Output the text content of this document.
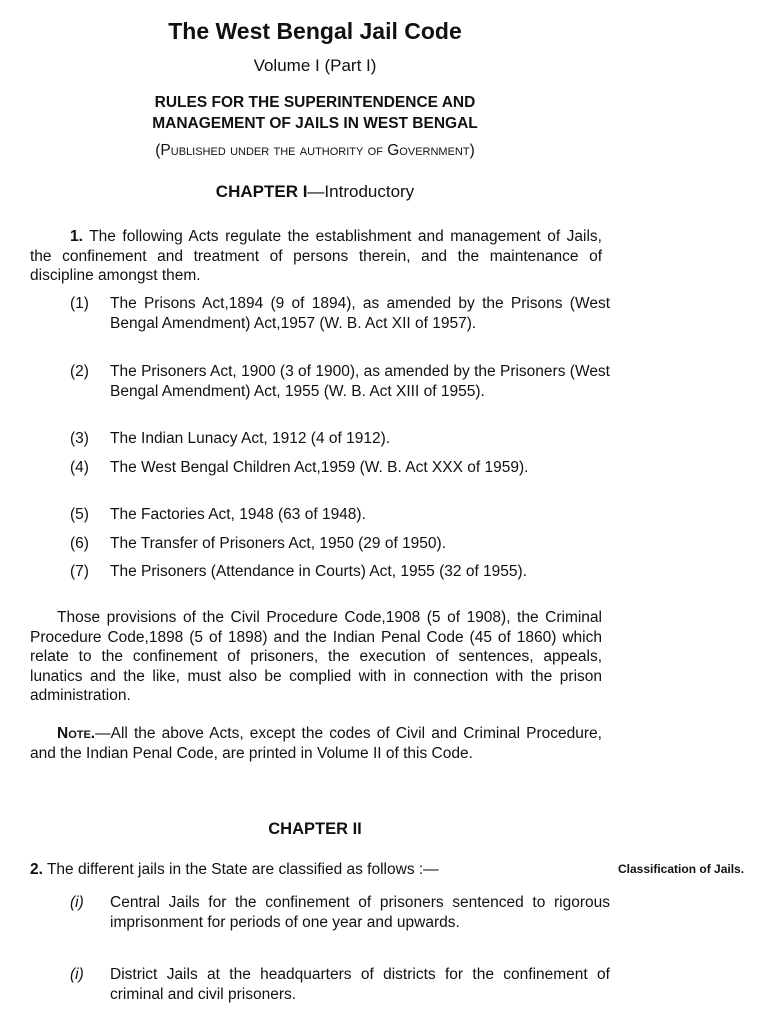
The West Bengal Jail Code
Volume I (Part I)
RULES FOR THE SUPERINTENDENCE AND
MANAGEMENT OF JAILS IN WEST BENGAL
(Published under the authority of Government)
CHAPTER I—Introductory
1. The following Acts regulate the establishment and management of Jails, the confinement and treatment of persons therein, and the maintenance of discipline amongst them.
(1) The Prisons Act,1894 (9 of 1894), as amended by the Prisons (West Bengal Amendment) Act,1957 (W. B. Act XII of 1957).
(2) The Prisoners Act, 1900 (3 of 1900), as amended by the Prisoners (West Bengal Amendment) Act, 1955 (W. B. Act XIII of 1955).
(3) The Indian Lunacy Act, 1912 (4 of 1912).
(4) The West Bengal Children Act,1959 (W. B. Act XXX of 1959).
(5) The Factories Act, 1948 (63 of 1948).
(6) The Transfer of Prisoners Act, 1950 (29 of 1950).
(7) The Prisoners (Attendance in Courts) Act, 1955 (32 of 1955).
Those provisions of the Civil Procedure Code,1908 (5 of 1908), the Criminal Procedure Code,1898 (5 of 1898) and the Indian Penal Code (45 of 1860) which relate to the confinement of prisoners, the execution of sentences, appeals, lunatics and the like, must also be complied with in connection with the prison administration.
Note.—All the above Acts, except the codes of Civil and Criminal Procedure, and the Indian Penal Code, are printed in Volume II of this Code.
CHAPTER II
2. The different jails in the State are classified as follows :—	Classification of Jails.
(i) Central Jails for the confinement of prisoners sentenced to rigorous imprisonment for periods of one year and upwards.
(i) District Jails at the headquarters of districts for the confinement of criminal and civil prisoners.
